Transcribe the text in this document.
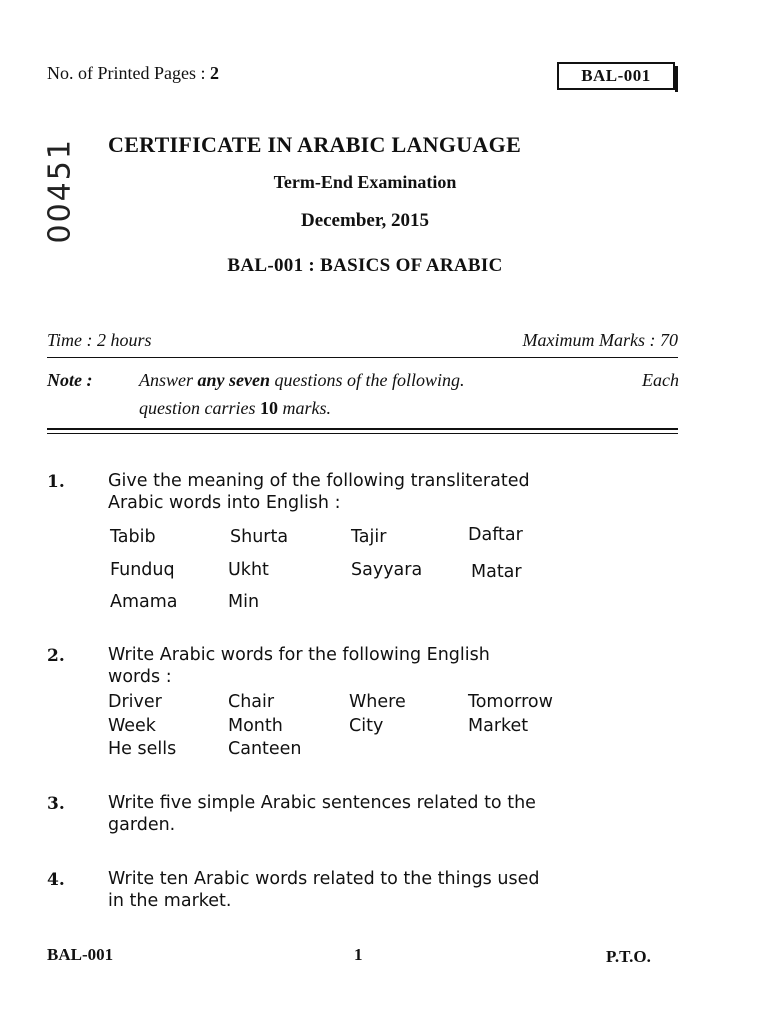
No. of Printed Pages : 2	BAL-001
00451 CERTIFICATE IN ARABIC LANGUAGE
Term-End Examination
December, 2015
BAL-001 : BASICS OF ARABIC
Time : 2 hours	Maximum Marks : 70
Note :	Answer any seven questions of the following.	Each
question carries 10 marks.
1. Give the meaning of the following transliterated
Arabic words into English :
Tabib	Shurta	Tajir	Daftar
Funduq	Ukht	Sayyara	Matar
Amama	Min
2. Write Arabic words for the following English
words :
Driver	Chair	Where	Tomorrow
Week	Month	City	Market
He sells	Canteen
3. Write five simple Arabic sentences related to the
garden.
4. Write ten Arabic words related to the things used
in the market.
BAL-001	1	P.T.O.
